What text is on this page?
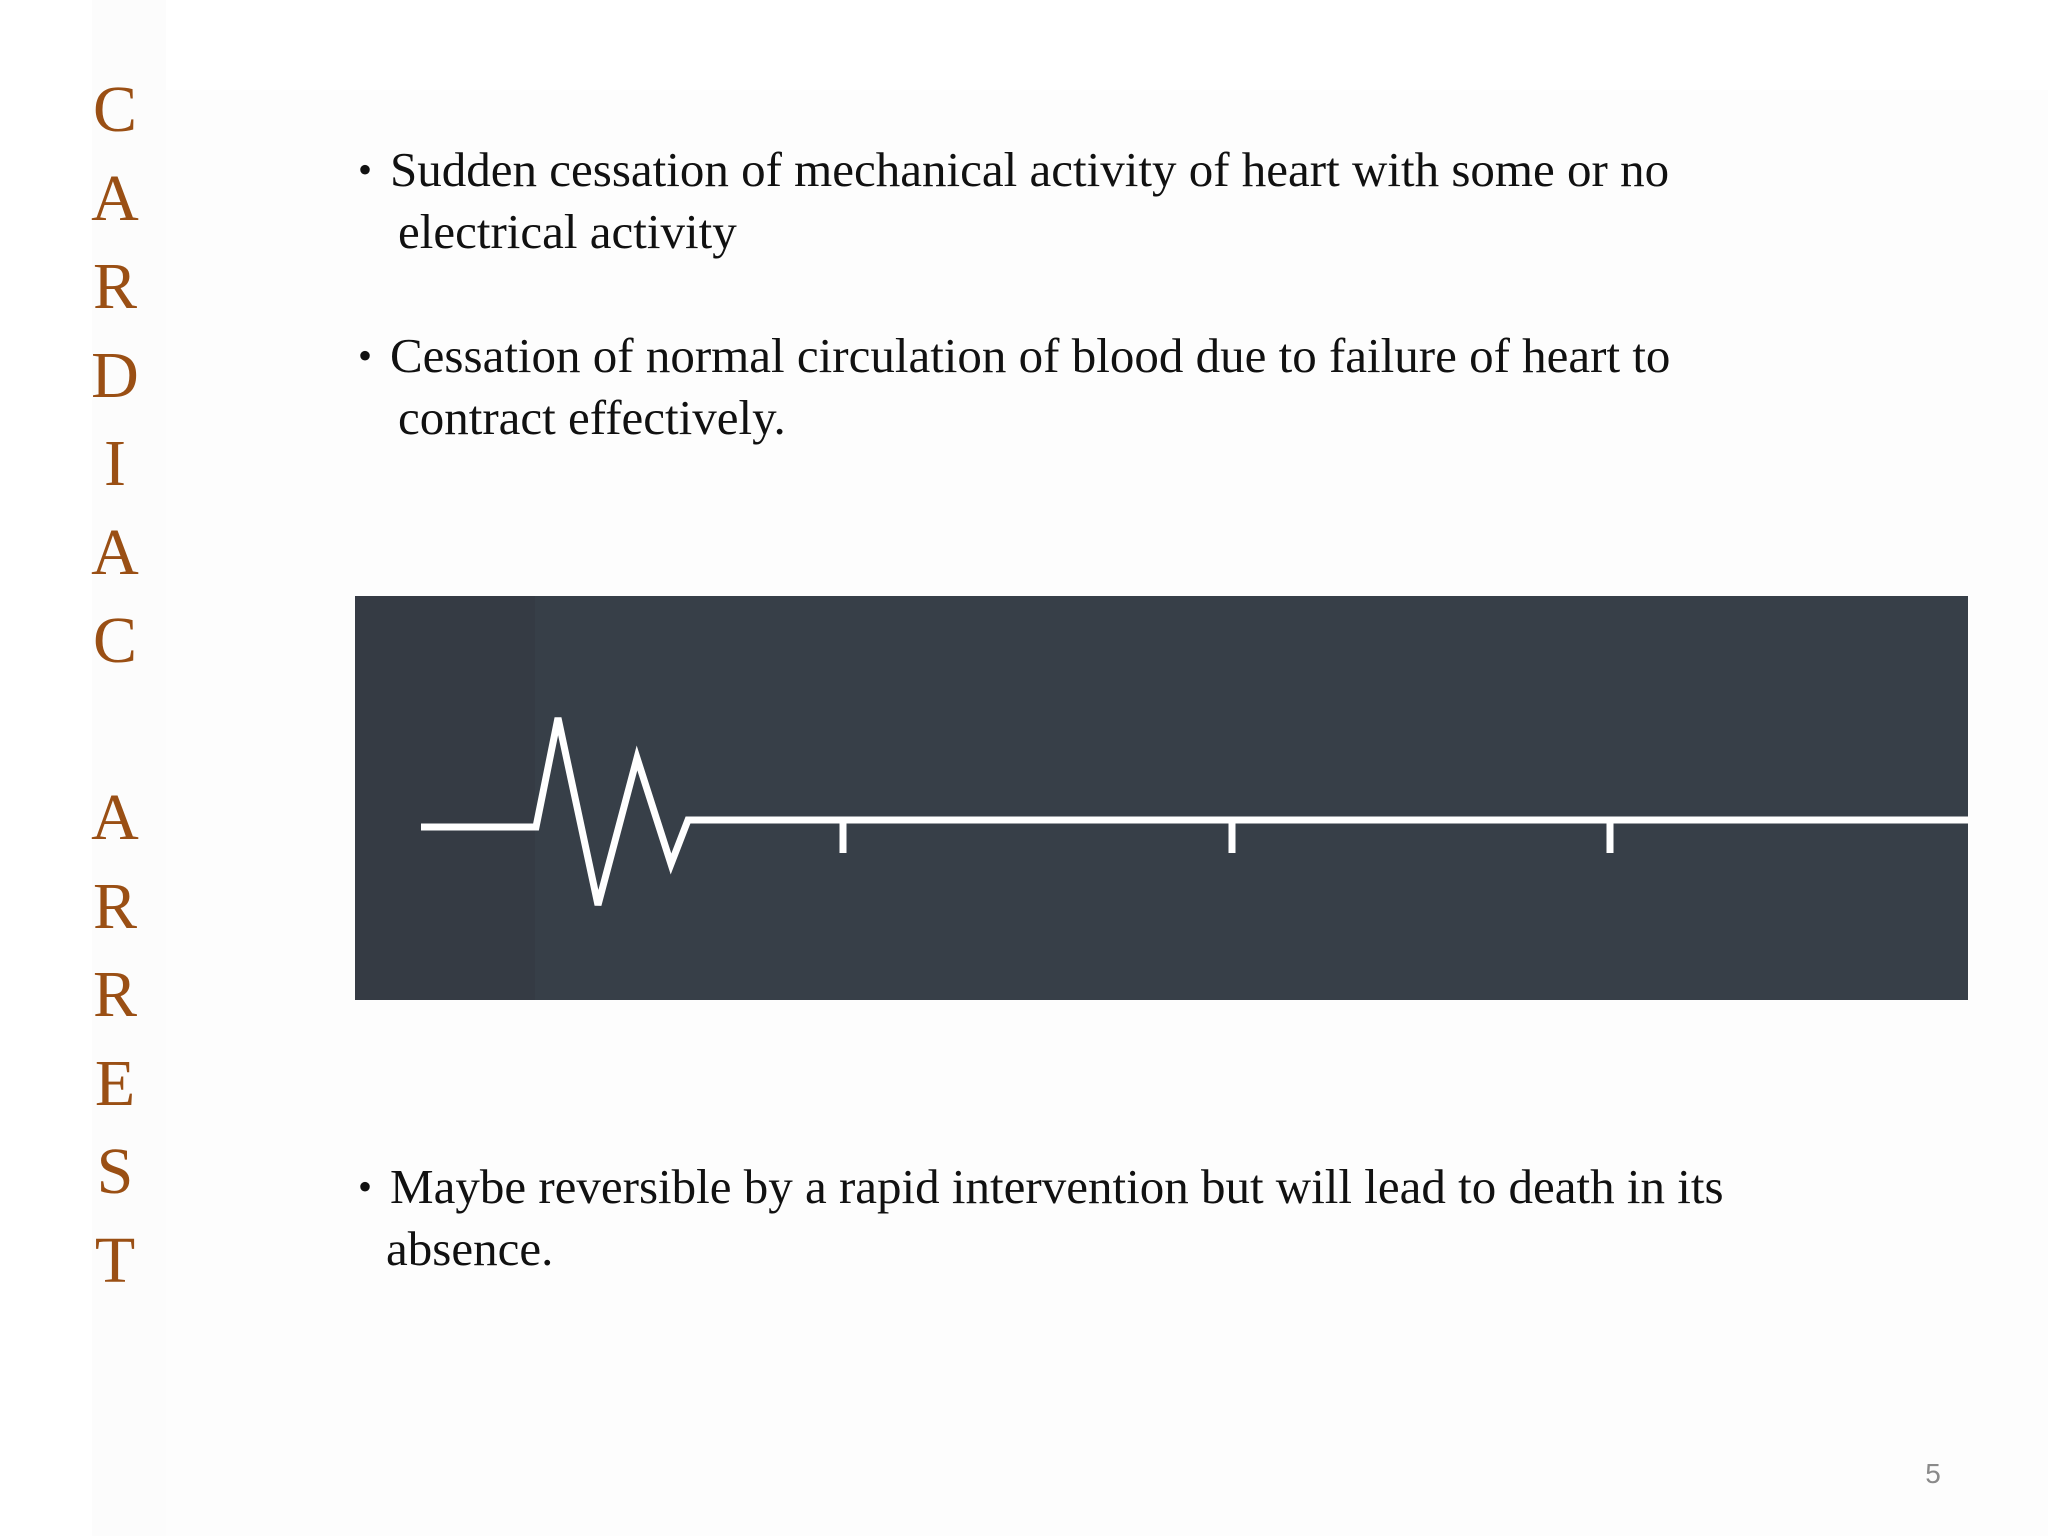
C
A
R
D
I
A
C
A
R
R
E
S
T
• Sudden cessation of mechanical activity of heart with some or no
electrical activity
• Cessation of normal circulation of blood due to failure of heart to
contract effectively.
• Maybe reversible by a rapid intervention but will lead to death in its
absence.
5
